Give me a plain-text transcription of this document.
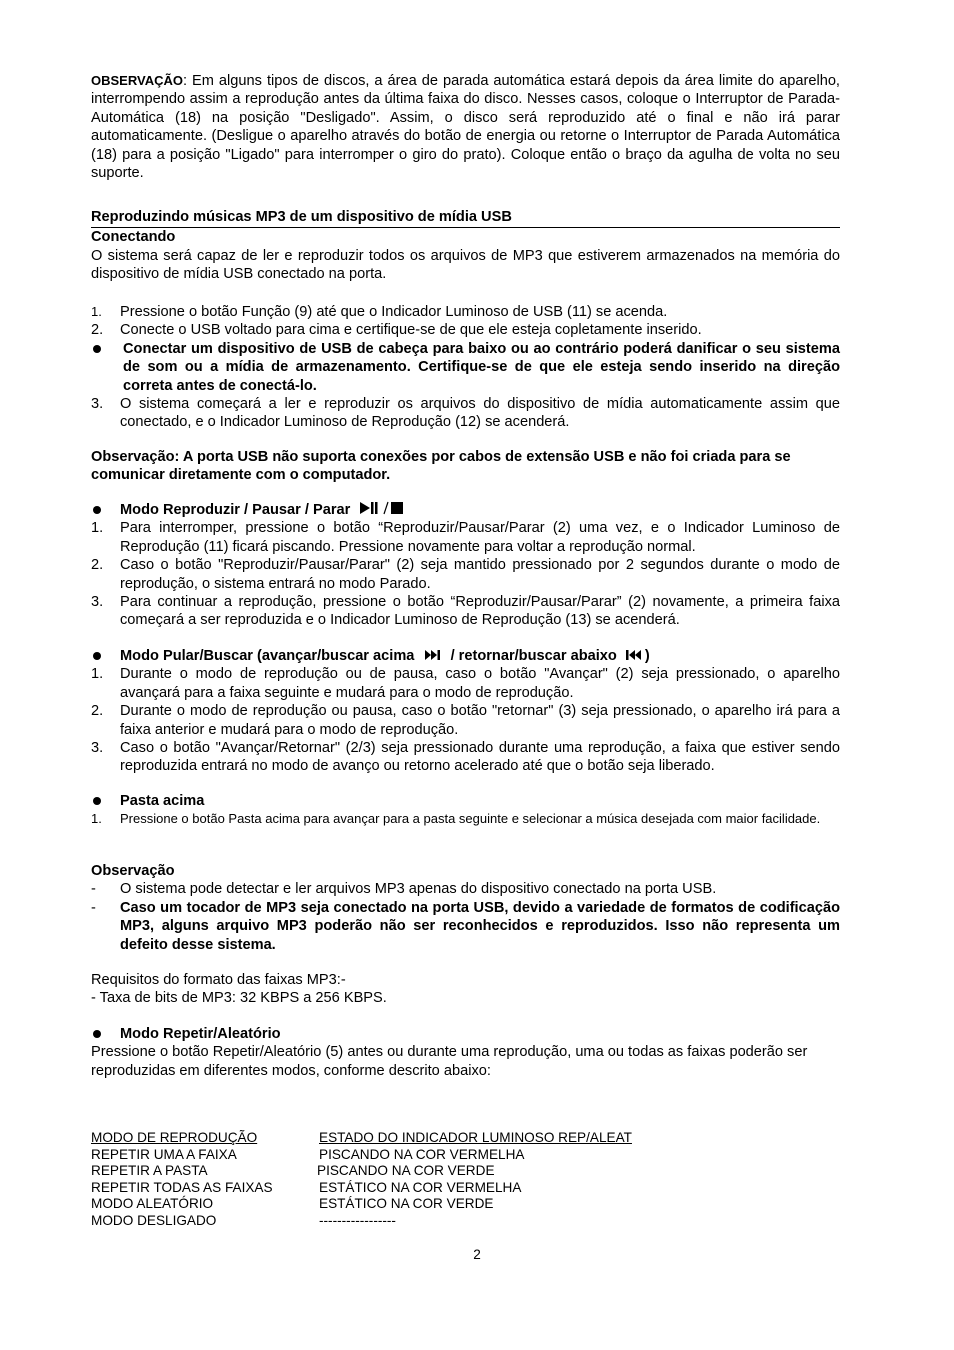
OBSERVAÇÃO: Em alguns tipos de discos, a área de parada automática estará depois da área limite do aparelho, interrompendo assim a reprodução antes da última faixa do disco. Nesses casos, coloque o Interruptor de Parada-Automática (18) na posição "Desligado". Assim, o disco será reproduzido até o final e não irá parar automaticamente. (Desligue o aparelho através do botão de energia ou retorne o Interruptor de Parada Automática (18) para a posição "Ligado" para interromper o giro do prato). Coloque então o braço da agulha de volta no seu suporte.

Reproduzindo músicas MP3 de um dispositivo de mídia USB
Conectando

O sistema será capaz de ler e reproduzir todos os arquivos de MP3 que estiverem armazenados na memória do dispositivo de mídia USB conectado na porta.

1. Pressione o botão Função (9) até que o Indicador Luminoso de USB (11) se acenda.
2. Conecte o USB voltado para cima e certifique-se de que ele esteja copletamente inserido.
Conectar um dispositivo de USB de cabeça para baixo ou ao contrário poderá danificar o seu sistema de som ou a mídia de armazenamento. Certifique-se de que ele esteja sendo inserido na direção correta antes de conectá-lo.
3. O sistema começará a ler e reproduzir os arquivos do dispositivo de mídia automaticamente assim que conectado, e o Indicador Luminoso de Reprodução (12) se acenderá.

Observação: A porta USB não suporta conexões por cabos de extensão USB e não foi criada para se comunicar diretamente com o computador.

Modo Reproduzir / Pausar / Parar
1. Para interromper, pressione o botão “Reproduzir/Pausar/Parar (2) uma vez, e o Indicador Luminoso de Reprodução (11) ficará piscando. Pressione novamente para voltar a reprodução normal.
2. Caso o botão "Reproduzir/Pausar/Parar" (2) seja mantido pressionado por 2 segundos durante o modo de reprodução, o sistema entrará no modo Parado.
3. Para continuar a reprodução, pressione o botão “Reproduzir/Pausar/Parar” (2) novamente, a primeira faixa começará a ser reproduzida e o Indicador Luminoso de Reprodução (13) se acenderá.
Modo Pular/Buscar (avançar/buscar acima / retornar/buscar abaixo )
1. Durante o modo de reprodução ou de pausa, caso o botão "Avançar" (2) seja pressionado, o aparelho avançará para a faixa seguinte e mudará para o modo de reprodução.
2. Durante o modo de reprodução ou pausa, caso o botão "retornar" (3) seja pressionado, o aparelho irá para a faixa anterior e mudará para o modo de reprodução.
3. Caso o botão "Avançar/Retornar" (2/3) seja pressionado durante uma reprodução, a faixa que estiver sendo reproduzida entrará no modo de avanço ou retorno acelerado até que o botão seja liberado.
Pasta acima
1. Pressione o botão Pasta acima para avançar para a pasta seguinte e selecionar a música desejada com maior facilidade.
Observação
- O sistema pode detectar e ler arquivos MP3 apenas do dispositivo conectado na porta USB.
- Caso um tocador de MP3 seja conectado na porta USB, devido a variedade de formatos de codificação MP3, alguns arquivo MP3 poderão não ser reconhecidos e reproduzidos. Isso não representa um defeito desse sistema.
Requisitos do formato das faixas MP3:-
- Taxa de bits de MP3: 32 KBPS a 256 KBPS.
Modo Repetir/Aleatório

Pressione o botão Repetir/Aleatório (5) antes ou durante uma reprodução, uma ou todas as faixas poderão ser reproduzidas em diferentes modos, conforme descrito abaixo:

MODO DE REPRODUÇÃO	ESTADO DO INDICADOR LUMINOSO REP/ALEAT
REPETIR UMA A FAIXA	PISCANDO NA COR VERMELHA
REPETIR A PASTA	PISCANDO NA COR VERDE
REPETIR TODAS AS FAIXAS	ESTÁTICO NA COR VERMELHA
MODO ALEATÓRIO	ESTÁTICO NA COR VERDE
MODO DESLIGADO	-----------------
2
